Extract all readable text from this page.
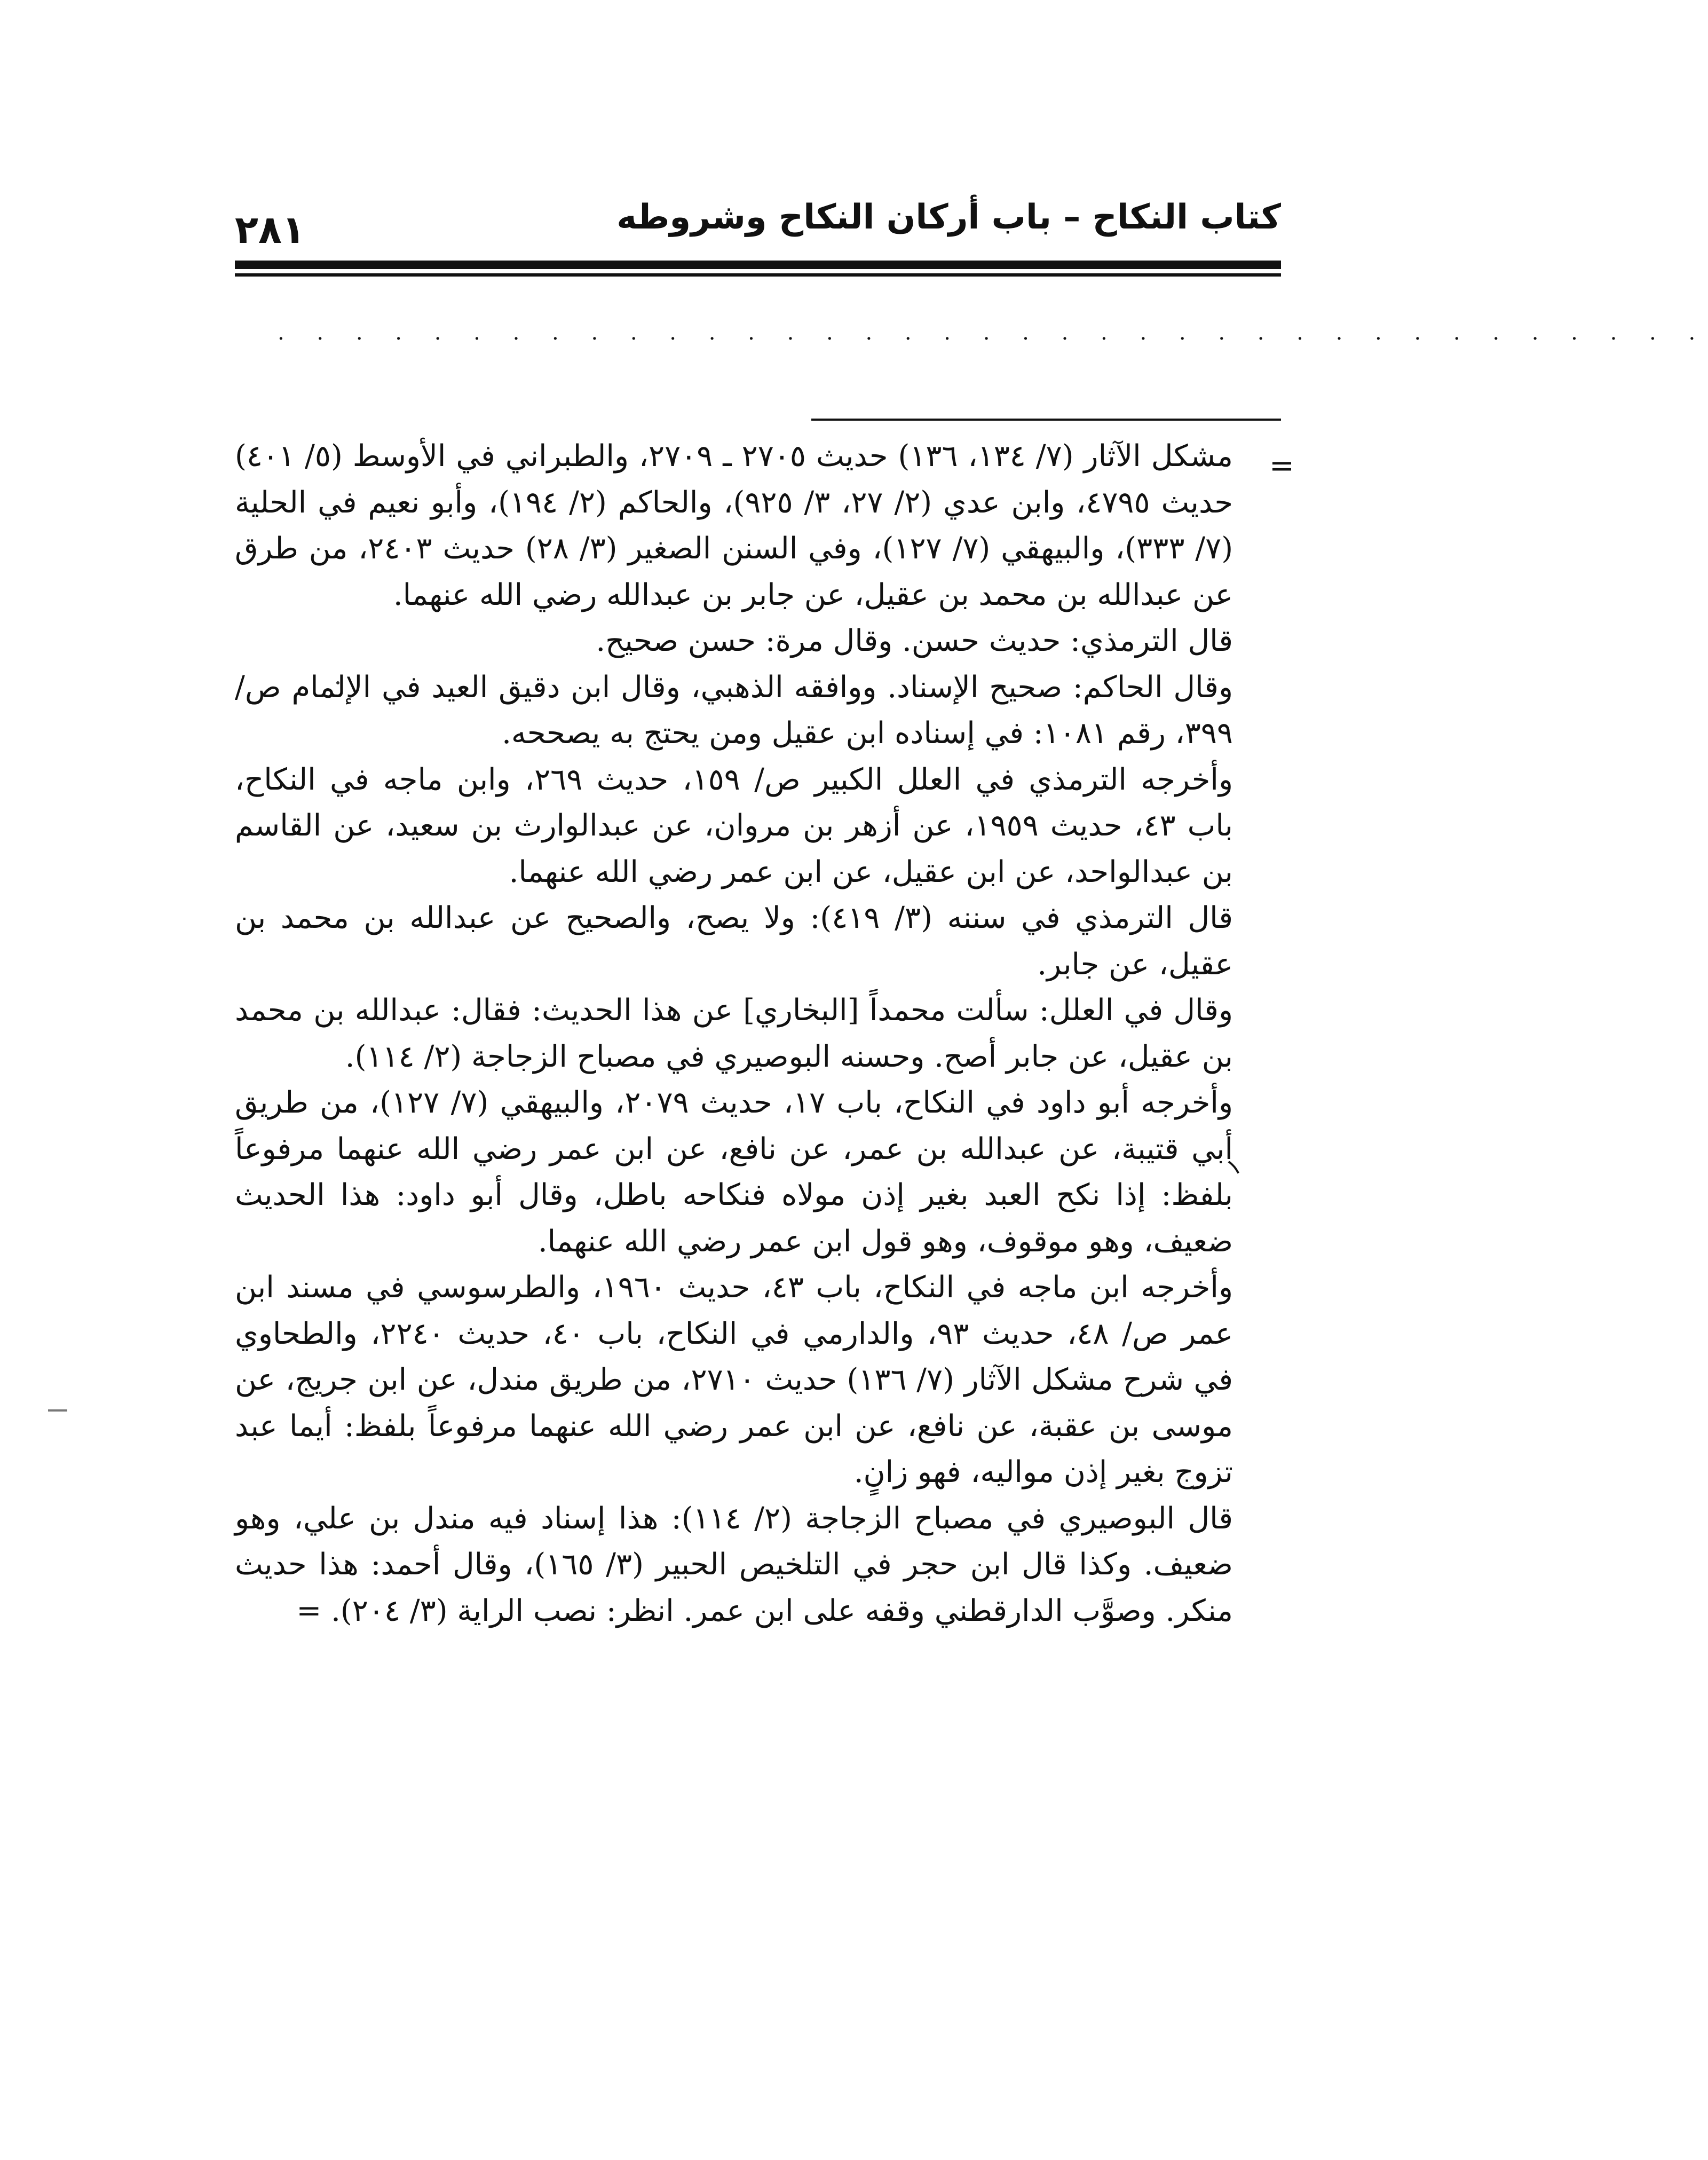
٢٨١	كتاب النكاح – باب أركان النكاح وشروطه
. . . . . . . . . . . . . . . . . . . . . . . . . . . . . . . . . . . . .
=
١

مشكل الآثار (٧/ ١٣٤، ١٣٦) حديث ٢٧٠٥ ـ ٢٧٠٩، والطبراني في الأوسط (٥/ ٤٠١) حديث ٤٧٩٥، وابن عدي (٢/ ٢٧، ٣/ ٩٢٥)، والحاكم (٢/ ١٩٤)، وأبو نعيم في الحلية (٧/ ٣٣٣)، والبيهقي (٧/ ١٢٧)، وفي السنن الصغير (٣/ ٢٨) حديث ٢٤٠٣، من طرق عن عبدالله بن محمد بن عقيل، عن جابر بن عبدالله رضي الله عنهما.

قال الترمذي: حديث حسن. وقال مرة: حسن صحيح.

وقال الحاكم: صحيح الإسناد. ووافقه الذهبي، وقال ابن دقيق العيد في الإلمام ص/ ٣٩٩، رقم ١٠٨١: في إسناده ابن عقيل ومن يحتج به يصححه.

وأخرجه الترمذي في العلل الكبير ص/ ١٥٩، حديث ٢٦٩، وابن ماجه في النكاح، باب ٤٣، حديث ١٩٥٩، عن أزهر بن مروان، عن عبدالوارث بن سعيد، عن القاسم بن عبدالواحد، عن ابن عقيل، عن ابن عمر رضي الله عنهما.

قال الترمذي في سننه (٣/ ٤١٩): ولا يصح، والصحيح عن عبدالله بن محمد بن عقيل، عن جابر.

وقال في العلل: سألت محمداً [البخاري] عن هذا الحديث: فقال: عبدالله بن محمد بن عقيل، عن جابر أصح. وحسنه البوصيري في مصباح الزجاجة (٢/ ١١٤).

وأخرجه أبو داود في النكاح، باب ١٧، حديث ٢٠٧٩، والبيهقي (٧/ ١٢٧)، من طريق أبي قتيبة، عن عبدالله بن عمر، عن نافع، عن ابن عمر رضي الله عنهما مرفوعاً بلفظ: إذا نكح العبد بغير إذن مولاه فنكاحه باطل، وقال أبو داود: هذا الحديث ضعيف، وهو موقوف، وهو قول ابن عمر رضي الله عنهما.

وأخرجه ابن ماجه في النكاح، باب ٤٣، حديث ١٩٦٠، والطرسوسي في مسند ابن عمر ص/ ٤٨، حديث ٩٣، والدارمي في النكاح، باب ٤٠، حديث ٢٢٤٠، والطحاوي في شرح مشكل الآثار (٧/ ١٣٦) حديث ٢٧١٠، من طريق مندل، عن ابن جريج، عن موسى بن عقبة، عن نافع، عن ابن عمر رضي الله عنهما مرفوعاً بلفظ: أيما عبد تزوج بغير إذن مواليه، فهو زانٍ.

قال البوصيري في مصباح الزجاجة (٢/ ١١٤): هذا إسناد فيه مندل بن علي، وهو ضعيف. وكذا قال ابن حجر في التلخيص الحبير (٣/ ١٦٥)، وقال أحمد: هذا حديث منكر. وصوَّب الدارقطني وقفه على ابن عمر. انظر: نصب الراية (٣/ ٢٠٤). =
